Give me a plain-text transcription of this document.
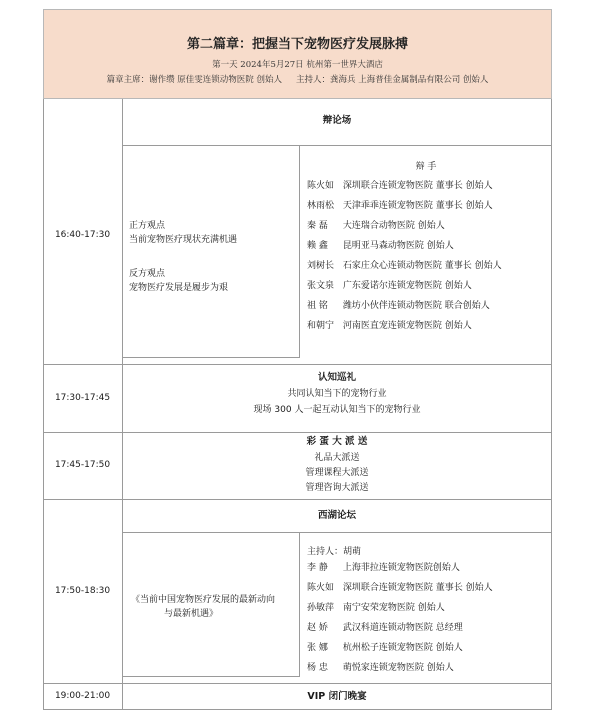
第二篇章：把握当下宠物医疗发展脉搏
第一天 2024年5月27日 杭州第一世界大酒店
篇章主席：谢作缵 原佳雯连锁动物医院 创始人 主持人：龚海兵 上海普佳金属制品有限公司 创始人
16:40-17:30
辩论场
正方观点
当前宠物医疗现状充满机遇
反方观点
宠物医疗发展是履步为艰
辩 手
陈火如 深圳联合连锁宠物医院 董事长 创始人
林雨松 天津乖乖连锁宠物医院 董事长 创始人
秦 磊 大连瑞合动物医院 创始人
赖 鑫 昆明亚马森动物医院 创始人
刘树长 石家庄众心连锁动物医院 董事长 创始人
张文泉 广东爱诺尔连锁宠物医院 创始人
祖 铭 潍坊小伙伴连锁动物医院 联合创始人
和朝宁 河南医直宠连锁宠物医院 创始人
17:30-17:45
认知巡礼
共同认知当下的宠物行业
现场 300 人一起互动认知当下的宠物行业
17:45-17:50
彩 蛋 大 派 送
礼品大派送
管理课程大派送
管理咨询大派送
17:50-18:30
西湖论坛
《当前中国宠物医疗发展的最新动向
与最新机遇》
主持人：胡萌
李 静 上海菲拉连锁宠物医院创始人
陈火如 深圳联合连锁宠物医院 董事长 创始人
孙敏萍 南宁安荣宠物医院 创始人
赵 娇 武汉科道连锁动物医院 总经理
张 娜 杭州松子连锁宠物医院 创始人
杨 忠 萌悦家连锁宠物医院 创始人
19:00-21:00	VIP 闭门晚宴
